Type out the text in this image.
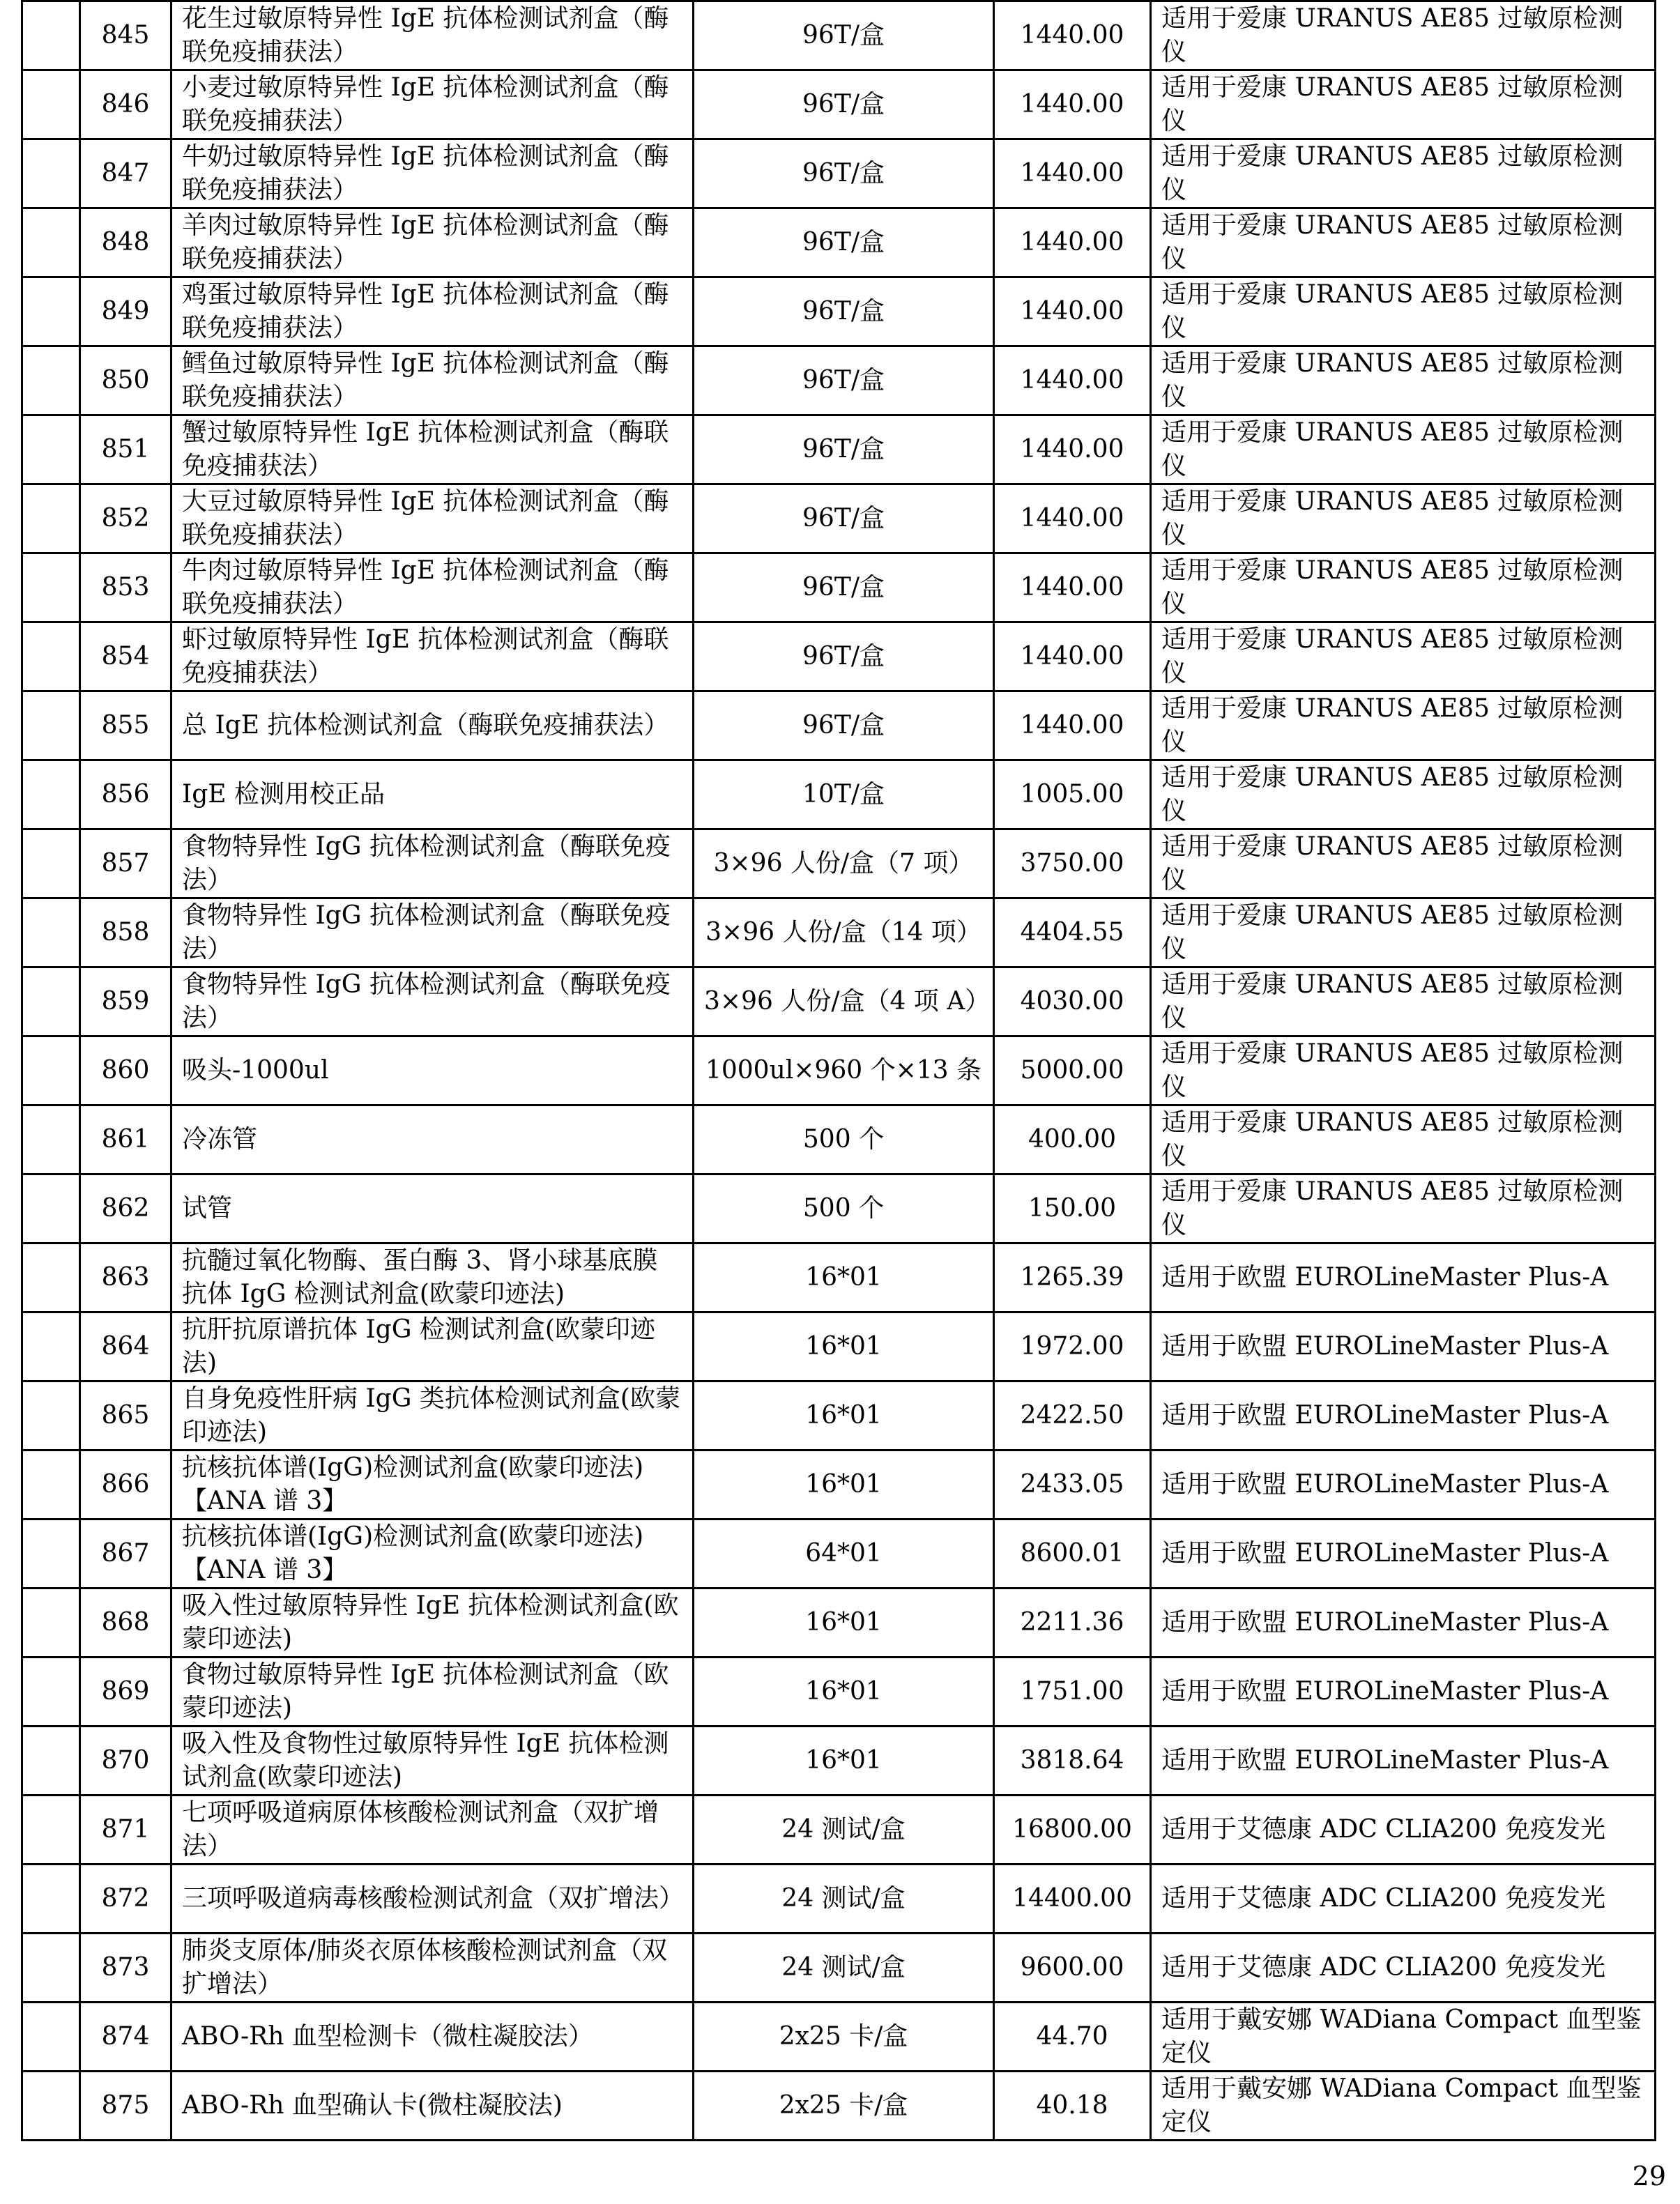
	845	花生过敏原特异性 IgE 抗体检测试剂盒（酶联免疫捕获法）	96T/盒	1440.00	适用于爱康 URANUS AE85 过敏原检测仪
	846	小麦过敏原特异性 IgE 抗体检测试剂盒（酶联免疫捕获法）	96T/盒	1440.00	适用于爱康 URANUS AE85 过敏原检测仪
	847	牛奶过敏原特异性 IgE 抗体检测试剂盒（酶联免疫捕获法）	96T/盒	1440.00	适用于爱康 URANUS AE85 过敏原检测仪
	848	羊肉过敏原特异性 IgE 抗体检测试剂盒（酶联免疫捕获法）	96T/盒	1440.00	适用于爱康 URANUS AE85 过敏原检测仪
	849	鸡蛋过敏原特异性 IgE 抗体检测试剂盒（酶联免疫捕获法）	96T/盒	1440.00	适用于爱康 URANUS AE85 过敏原检测仪
	850	鳕鱼过敏原特异性 IgE 抗体检测试剂盒（酶联免疫捕获法）	96T/盒	1440.00	适用于爱康 URANUS AE85 过敏原检测仪
	851	蟹过敏原特异性 IgE 抗体检测试剂盒（酶联免疫捕获法）	96T/盒	1440.00	适用于爱康 URANUS AE85 过敏原检测仪
	852	大豆过敏原特异性 IgE 抗体检测试剂盒（酶联免疫捕获法）	96T/盒	1440.00	适用于爱康 URANUS AE85 过敏原检测仪
	853	牛肉过敏原特异性 IgE 抗体检测试剂盒（酶联免疫捕获法）	96T/盒	1440.00	适用于爱康 URANUS AE85 过敏原检测仪
	854	虾过敏原特异性 IgE 抗体检测试剂盒（酶联免疫捕获法）	96T/盒	1440.00	适用于爱康 URANUS AE85 过敏原检测仪
	855	总 IgE 抗体检测试剂盒（酶联免疫捕获法）	96T/盒	1440.00	适用于爱康 URANUS AE85 过敏原检测仪
	856	IgE 检测用校正品	10T/盒	1005.00	适用于爱康 URANUS AE85 过敏原检测仪
	857	食物特异性 IgG 抗体检测试剂盒（酶联免疫法）	3×96 人份/盒（7 项）	3750.00	适用于爱康 URANUS AE85 过敏原检测仪
	858	食物特异性 IgG 抗体检测试剂盒（酶联免疫法）	3×96 人份/盒（14 项）	4404.55	适用于爱康 URANUS AE85 过敏原检测仪
	859	食物特异性 IgG 抗体检测试剂盒（酶联免疫法）	3×96 人份/盒（4 项 A）	4030.00	适用于爱康 URANUS AE85 过敏原检测仪
	860	吸头-1000ul	1000ul×960 个×13 条	5000.00	适用于爱康 URANUS AE85 过敏原检测仪
	861	冷冻管	500 个	400.00	适用于爱康 URANUS AE85 过敏原检测仪
	862	试管	500 个	150.00	适用于爱康 URANUS AE85 过敏原检测仪
	863	抗髓过氧化物酶、蛋白酶 3、肾小球基底膜抗体 IgG 检测试剂盒(欧蒙印迹法)	16*01	1265.39	适用于欧盟 EUROLineMaster Plus-A
	864	抗肝抗原谱抗体 IgG 检测试剂盒(欧蒙印迹法)	16*01	1972.00	适用于欧盟 EUROLineMaster Plus-A
	865	自身免疫性肝病 IgG 类抗体检测试剂盒(欧蒙印迹法)	16*01	2422.50	适用于欧盟 EUROLineMaster Plus-A
	866	抗核抗体谱(IgG)检测试剂盒(欧蒙印迹法)【ANA 谱 3】	16*01	2433.05	适用于欧盟 EUROLineMaster Plus-A
	867	抗核抗体谱(IgG)检测试剂盒(欧蒙印迹法)【ANA 谱 3】	64*01	8600.01	适用于欧盟 EUROLineMaster Plus-A
	868	吸入性过敏原特异性 IgE 抗体检测试剂盒(欧蒙印迹法)	16*01	2211.36	适用于欧盟 EUROLineMaster Plus-A
	869	食物过敏原特异性 IgE 抗体检测试剂盒（欧蒙印迹法)	16*01	1751.00	适用于欧盟 EUROLineMaster Plus-A
	870	吸入性及食物性过敏原特异性 IgE 抗体检测试剂盒(欧蒙印迹法)	16*01	3818.64	适用于欧盟 EUROLineMaster Plus-A
	871	七项呼吸道病原体核酸检测试剂盒（双扩增法）	24 测试/盒	16800.00	适用于艾德康 ADC CLIA200 免疫发光
	872	三项呼吸道病毒核酸检测试剂盒（双扩增法）	24 测试/盒	14400.00	适用于艾德康 ADC CLIA200 免疫发光
	873	肺炎支原体/肺炎衣原体核酸检测试剂盒（双扩增法）	24 测试/盒	9600.00	适用于艾德康 ADC CLIA200 免疫发光
	874	ABO-Rh 血型检测卡（微柱凝胶法）	2x25 卡/盒	44.70	适用于戴安娜 WADiana Compact 血型鉴定仪
	875	ABO-Rh 血型确认卡(微柱凝胶法)	2x25 卡/盒	40.18	适用于戴安娜 WADiana Compact 血型鉴定仪
29
